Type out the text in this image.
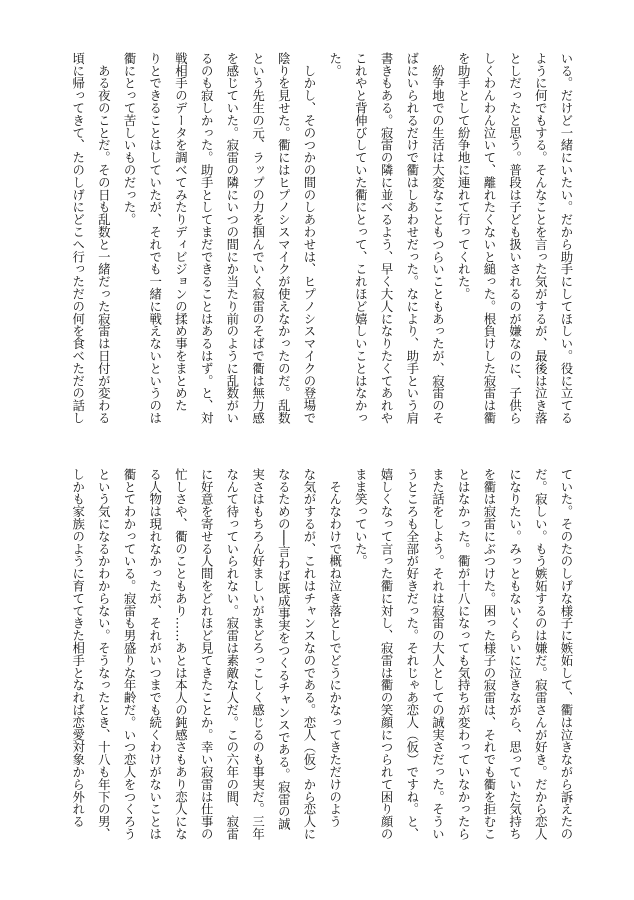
いる。だけど一緒にいたい。だから助手にしてほしい。役に立てる
ように何でもする。そんなことを言った気がするが、最後は泣き落
としだったと思う。普段は子ども扱いされるのが嫌なのに、子供ら
しくわんわん泣いて、離れたくないと縋った。根負けした寂雷は衢
を助手として紛争地に連れて行ってくれた。
　紛争地での生活は大変なこともつらいこともあったが、寂雷のそ
ばにいられるだけで衢はしあわせだった。なにより、助手という肩
書きもある。寂雷の隣に並べるよう、早く大人になりたくてあれや
これやと背伸びしていた衢にとって、これほど嬉しいことはなかっ
た。
　しかし、そのつかの間のしあわせは、ヒプノシスマイクの登場で
陰りを見せた。衢にはヒプノシスマイクが使えなかったのだ。乱数
という先生の元、ラップの力を掴んでいく寂雷のそばで衢は無力感
を感じていた。寂雷の隣にいつの間にか当たり前のように乱数がい
るのも寂しかった。助手としてまだできることはあるはず。と、対
戦相手のデータを調べてみたりディビジョンの揉め事をまとめた
りとできることはしていたが、それでも一緒に戦えないというのは
衢にとって苦しいものだった。
　ある夜のことだ。その日も乱数と一緒だった寂雷は日付が変わる
頃に帰ってきて、たのしげにどこへ行っただの何を食べただの話し
ていた。そのたのしげな様子に嫉妬して、衢は泣きながら訴えたの
だ。寂しい。もう嫉妬するのは嫌だ。寂雷さんが好き。だから恋人
になりたい。みっともないくらいに泣きながら、思っていた気持ち
を衢は寂雷にぶつけた。困った様子の寂雷は、それでも衢を拒むこ
とはなかった。衢が十八になっても気持ちが変わっていなかったら
また話をしよう。それは寂雷の大人としての誠実さだった。そうい
うところも全部が好きだった。それじゃあ恋人（仮）ですね。と、
嬉しくなって言った衢に対し、寂雷は衢の笑顔につられて困り顔の
まま笑っていた。
　そんなわけで概ね泣き落としでどうにかなってきただけのよう
な気がするが、これはチャンスなのである。恋人（仮）から恋人に
なるための──言わば既成事実をつくるチャンスである。寂雷の誠
実さはもちろん好ましいがまどろっこしく感じるのも事実だ。三年
なんて待っていられない。寂雷は素敵な人だ。この六年の間、寂雷
に好意を寄せる人間をどれほど見てきたことか。幸い寂雷は仕事の
忙しさや、衢のこともあり……あとは本人の鈍感さもあり恋人にな
る人物は現れなかったが、それがいつまでも続くわけがないことは
衢とてわかっている。寂雷も男盛りな年齢だ。いつ恋人をつくろう
という気になるかわからない。そうなったとき、十八も年下の男、
しかも家族のように育ててきた相手となれば恋愛対象から外れる
